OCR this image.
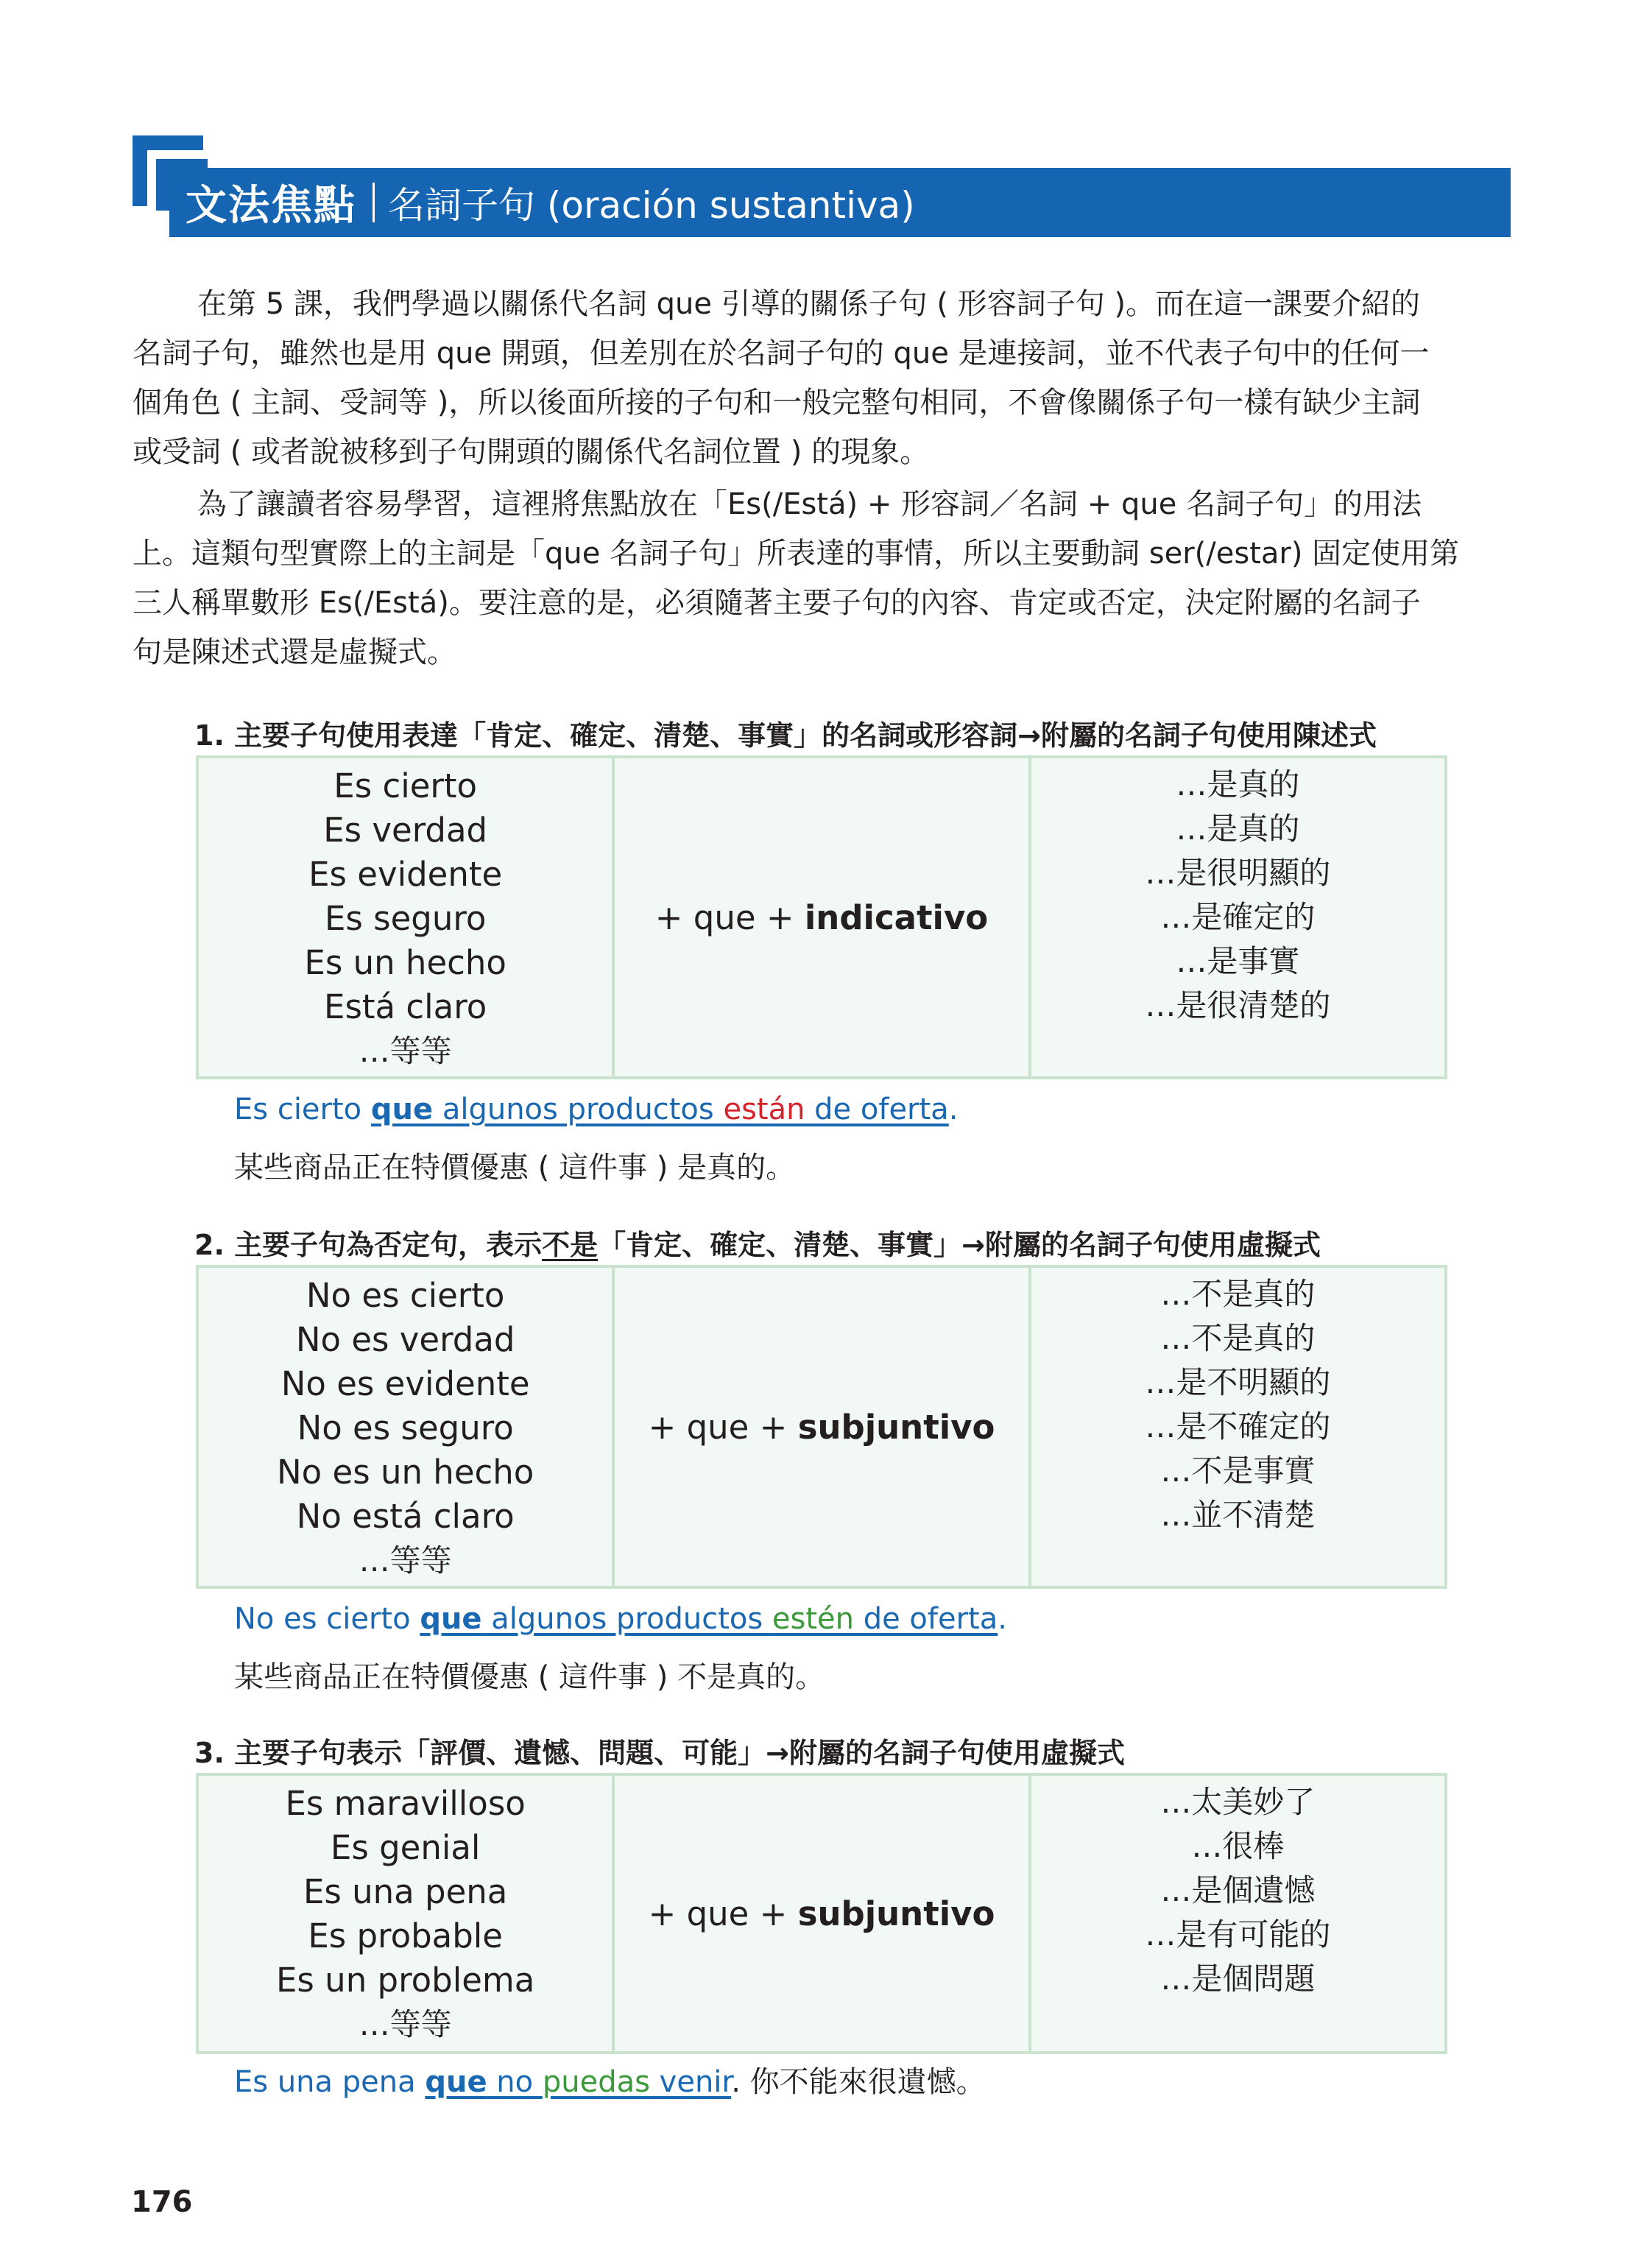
文法焦點 名詞子句 (oración sustantiva)
在第 5 課，我們學過以關係代名詞 que 引導的關係子句 ( 形容詞子句 )。而在這一課要介紹的
名詞子句，雖然也是用 que 開頭，但差別在於名詞子句的 que 是連接詞，並不代表子句中的任何一
個角色 ( 主詞、受詞等 )，所以後面所接的子句和一般完整句相同，不會像關係子句一樣有缺少主詞
或受詞 ( 或者說被移到子句開頭的關係代名詞位置 ) 的現象。
為了讓讀者容易學習，這裡將焦點放在「Es(/Está) + 形容詞／名詞 + que 名詞子句」的用法
上。這類句型實際上的主詞是「que 名詞子句」所表達的事情，所以主要動詞 ser(/estar) 固定使用第
三人稱單數形 Es(/Está)。要注意的是，必須隨著主要子句的內容、肯定或否定，決定附屬的名詞子
句是陳述式還是虛擬式。
1. 主要子句使用表達「肯定、確定、清楚、事實」的名詞或形容詞→附屬的名詞子句使用陳述式
Es cierto
Es verdad
Es evidente
Es seguro
Es un hecho
Está claro
…等等
+ que + indicativo
…是真的
…是真的
…是很明顯的
…是確定的
…是事實
…是很清楚的
Es cierto que algunos productos están de oferta.
某些商品正在特價優惠 ( 這件事 ) 是真的。
2. 主要子句為否定句，表示不是「肯定、確定、清楚、事實」→附屬的名詞子句使用虛擬式
No es cierto
No es verdad
No es evidente
No es seguro
No es un hecho
No está claro
…等等
+ que + subjuntivo
…不是真的
…不是真的
…是不明顯的
…是不確定的
…不是事實
…並不清楚
No es cierto que algunos productos estén de oferta.
某些商品正在特價優惠 ( 這件事 ) 不是真的。
3. 主要子句表示「評價、遺憾、問題、可能」→附屬的名詞子句使用虛擬式
Es maravilloso
Es genial
Es una pena
Es probable
Es un problema
…等等
+ que + subjuntivo
…太美妙了
…很棒
…是個遺憾
…是有可能的
…是個問題
Es una pena que no puedas venir. 你不能來很遺憾。
176
